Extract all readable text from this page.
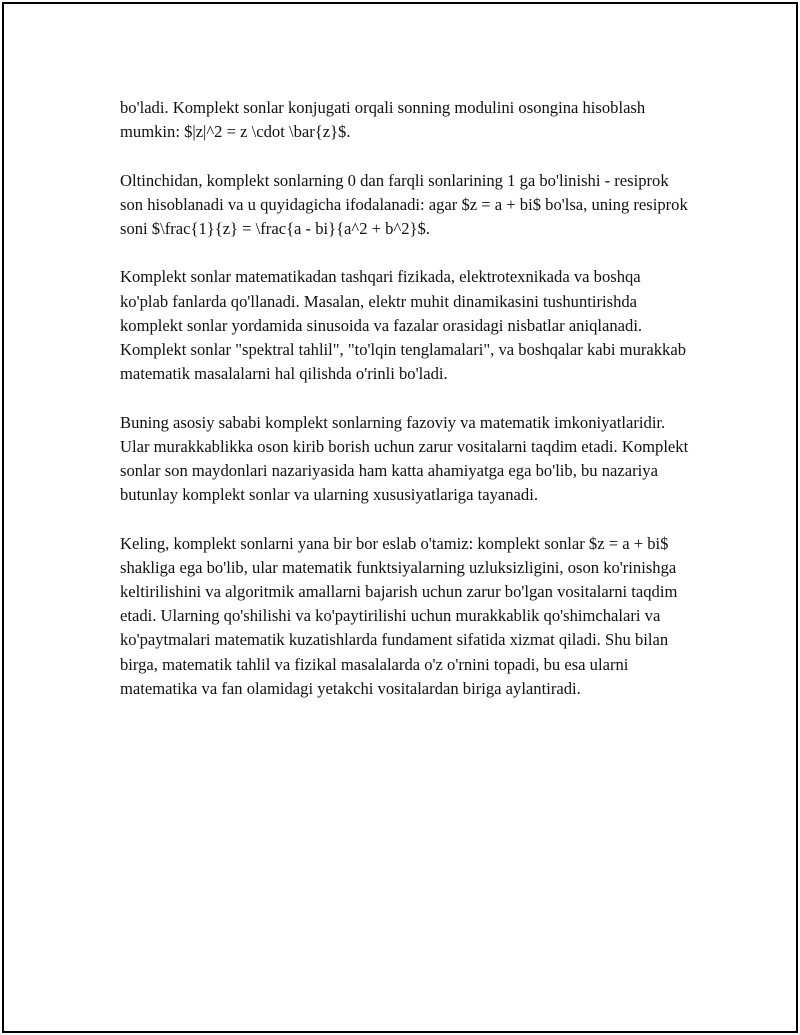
bo'ladi. Komplekt sonlar konjugati orqali sonning modulini osongina hisoblash mumkin: $|z|^2 = z \cdot \bar{z}$.

Oltinchidan, komplekt sonlarning 0 dan farqli sonlarining 1 ga bo'linishi - resiprok son hisoblanadi va u quyidagicha ifodalanadi: agar $z = a + bi$ bo'lsa, uning resiprok soni $\frac{1}{z} = \frac{a - bi}{a^2 + b^2}$.

Komplekt sonlar matematikadan tashqari fizikada, elektrotexnikada va boshqa ko'plab fanlarda qo'llanadi. Masalan, elektr muhit dinamikasini tushuntirishda komplekt sonlar yordamida sinusoida va fazalar orasidagi nisbatlar aniqlanadi. Komplekt sonlar "spektral tahlil", "to'lqin tenglamalari", va boshqalar kabi murakkab matematik masalalarni hal qilishda o'rinli bo'ladi.

Buning asosiy sababi komplekt sonlarning fazoviy va matematik imkoniyatlaridir. Ular murakkablikka oson kirib borish uchun zarur vositalarni taqdim etadi. Komplekt sonlar son maydonlari nazariyasida ham katta ahamiyatga ega bo'lib, bu nazariya butunlay komplekt sonlar va ularning xususiyatlariga tayanadi.

Keling, komplekt sonlarni yana bir bor eslab o'tamiz: komplekt sonlar $z = a + bi$ shakliga ega bo'lib, ular matematik funktsiyalarning uzluksizligini, oson ko'rinishga keltirilishini va algoritmik amallarni bajarish uchun zarur bo'lgan vositalarni taqdim etadi. Ularning qo'shilishi va ko'paytirilishi uchun murakkablik qo'shimchalari va ko'paytmalari matematik kuzatishlarda fundament sifatida xizmat qiladi. Shu bilan birga, matematik tahlil va fizikal masalalarda o'z o'rnini topadi, bu esa ularni matematika va fan olamidagi yetakchi vositalardan biriga aylantiradi.
